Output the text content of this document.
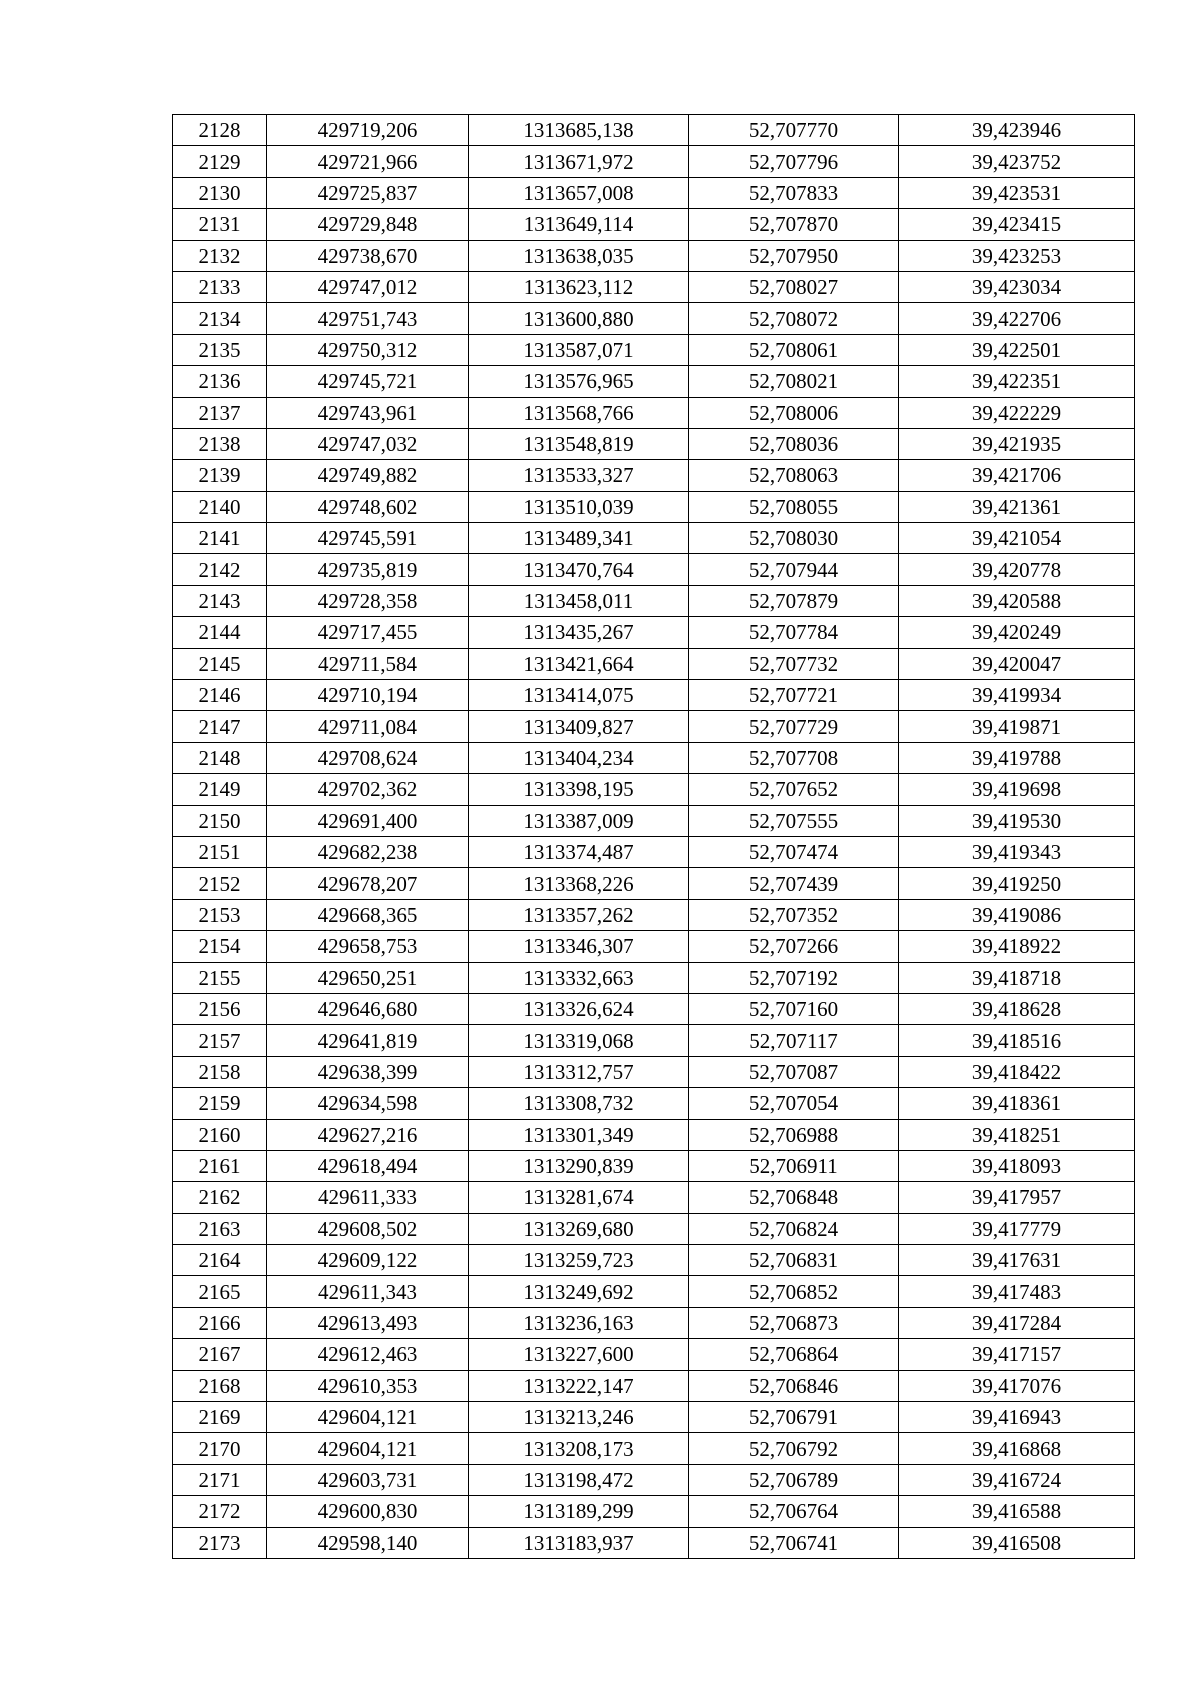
2128	429719,206	1313685,138	52,707770	39,423946
2129	429721,966	1313671,972	52,707796	39,423752
2130	429725,837	1313657,008	52,707833	39,423531
2131	429729,848	1313649,114	52,707870	39,423415
2132	429738,670	1313638,035	52,707950	39,423253
2133	429747,012	1313623,112	52,708027	39,423034
2134	429751,743	1313600,880	52,708072	39,422706
2135	429750,312	1313587,071	52,708061	39,422501
2136	429745,721	1313576,965	52,708021	39,422351
2137	429743,961	1313568,766	52,708006	39,422229
2138	429747,032	1313548,819	52,708036	39,421935
2139	429749,882	1313533,327	52,708063	39,421706
2140	429748,602	1313510,039	52,708055	39,421361
2141	429745,591	1313489,341	52,708030	39,421054
2142	429735,819	1313470,764	52,707944	39,420778
2143	429728,358	1313458,011	52,707879	39,420588
2144	429717,455	1313435,267	52,707784	39,420249
2145	429711,584	1313421,664	52,707732	39,420047
2146	429710,194	1313414,075	52,707721	39,419934
2147	429711,084	1313409,827	52,707729	39,419871
2148	429708,624	1313404,234	52,707708	39,419788
2149	429702,362	1313398,195	52,707652	39,419698
2150	429691,400	1313387,009	52,707555	39,419530
2151	429682,238	1313374,487	52,707474	39,419343
2152	429678,207	1313368,226	52,707439	39,419250
2153	429668,365	1313357,262	52,707352	39,419086
2154	429658,753	1313346,307	52,707266	39,418922
2155	429650,251	1313332,663	52,707192	39,418718
2156	429646,680	1313326,624	52,707160	39,418628
2157	429641,819	1313319,068	52,707117	39,418516
2158	429638,399	1313312,757	52,707087	39,418422
2159	429634,598	1313308,732	52,707054	39,418361
2160	429627,216	1313301,349	52,706988	39,418251
2161	429618,494	1313290,839	52,706911	39,418093
2162	429611,333	1313281,674	52,706848	39,417957
2163	429608,502	1313269,680	52,706824	39,417779
2164	429609,122	1313259,723	52,706831	39,417631
2165	429611,343	1313249,692	52,706852	39,417483
2166	429613,493	1313236,163	52,706873	39,417284
2167	429612,463	1313227,600	52,706864	39,417157
2168	429610,353	1313222,147	52,706846	39,417076
2169	429604,121	1313213,246	52,706791	39,416943
2170	429604,121	1313208,173	52,706792	39,416868
2171	429603,731	1313198,472	52,706789	39,416724
2172	429600,830	1313189,299	52,706764	39,416588
2173	429598,140	1313183,937	52,706741	39,416508
